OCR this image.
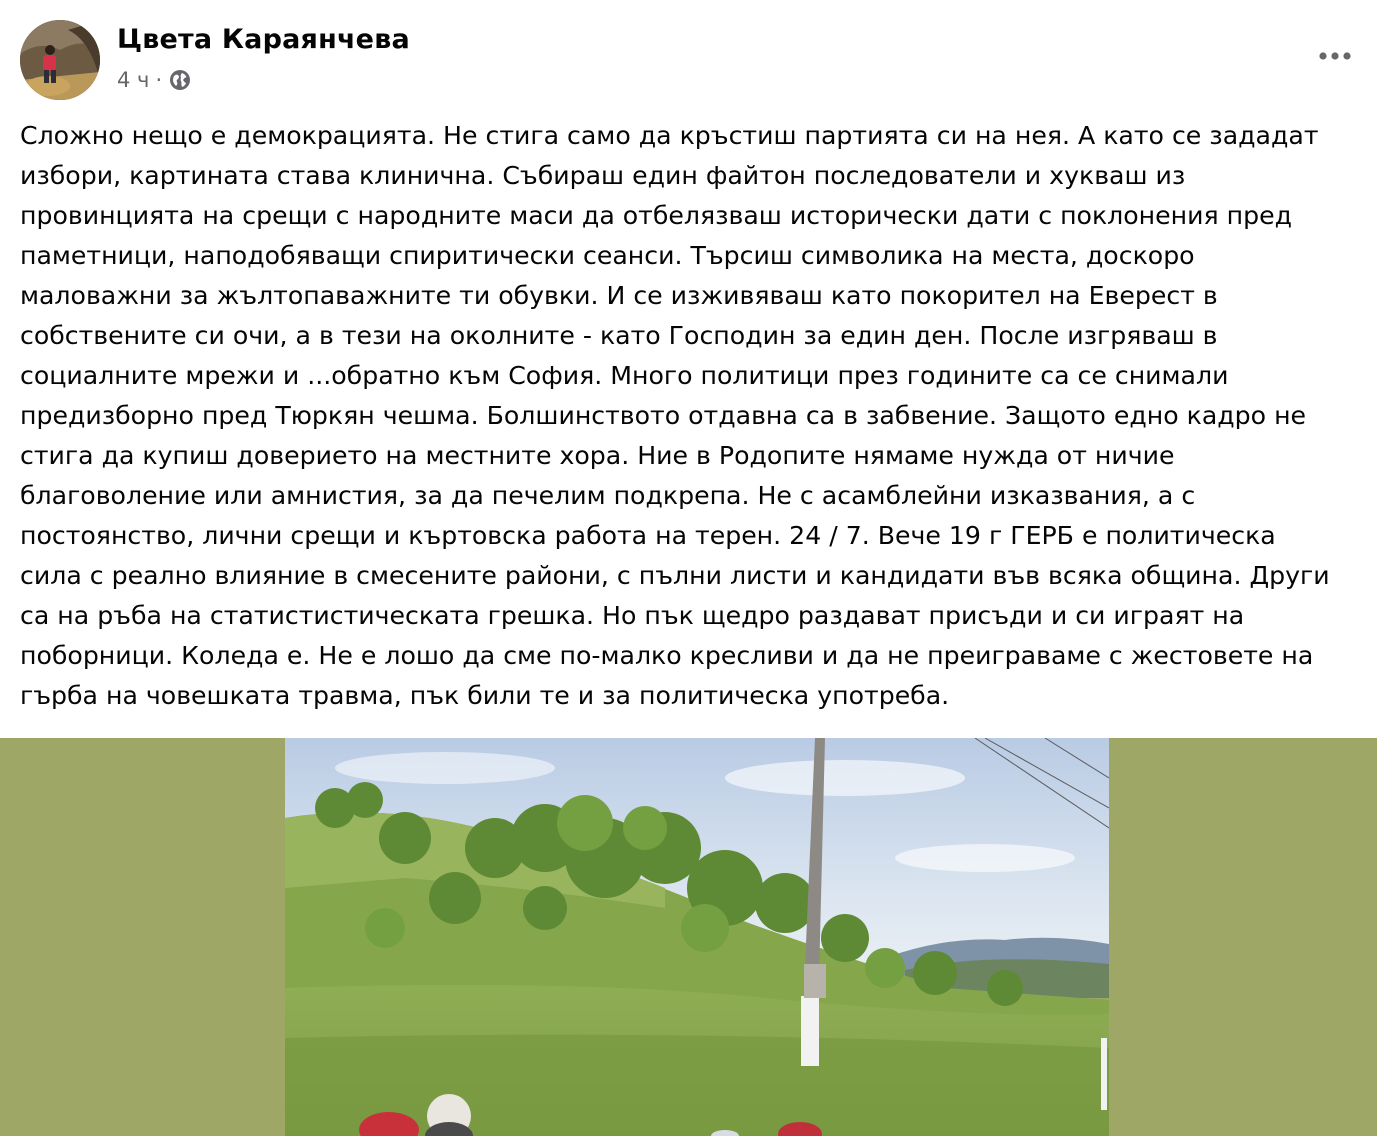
Цвета Караянчева
4 ч ·
Сложно нещо е демокрацията. Не стига само да кръстиш партията си на нея. А като се зададат
избори, картината става клинична. Събираш един файтон последователи и хукваш из
провинцията на срещи с народните маси да отбелязваш исторически дати с поклонения пред
паметници, наподобяващи спиритически сеанси. Търсиш символика на места, доскоро
маловажни за жълтопаважните ти обувки. И се изживяваш като покорител на Еверест в
собствените си очи, а в тези на околните - като Господин за един ден. После изгряваш в
социалните мрежи и ...обратно към София. Много политици през годините са се снимали
предизборно пред Тюркян чешма. Болшинството отдавна са в забвение. Защото едно кадро не
стига да купиш доверието на местните хора. Ние в Родопите нямаме нужда от ничие
благоволение или амнистия, за да печелим подкрепа. Не с асамблейни изказвания, а с
постоянство, лични срещи и къртовска работа на терен. 24 / 7. Вече 19 г ГЕРБ е политическа
сила с реално влияние в смесените райони, с пълни листи и кандидати във всяка община. Други
са на ръба на статистистическата грешка. Но пък щедро раздават присъди и си играят на
поборници. Коледа е. Не е лошо да сме по-малко кресливи и да не преиграваме с жестовете на
гърба на човешката травма, пък били те и за политическа употреба.
